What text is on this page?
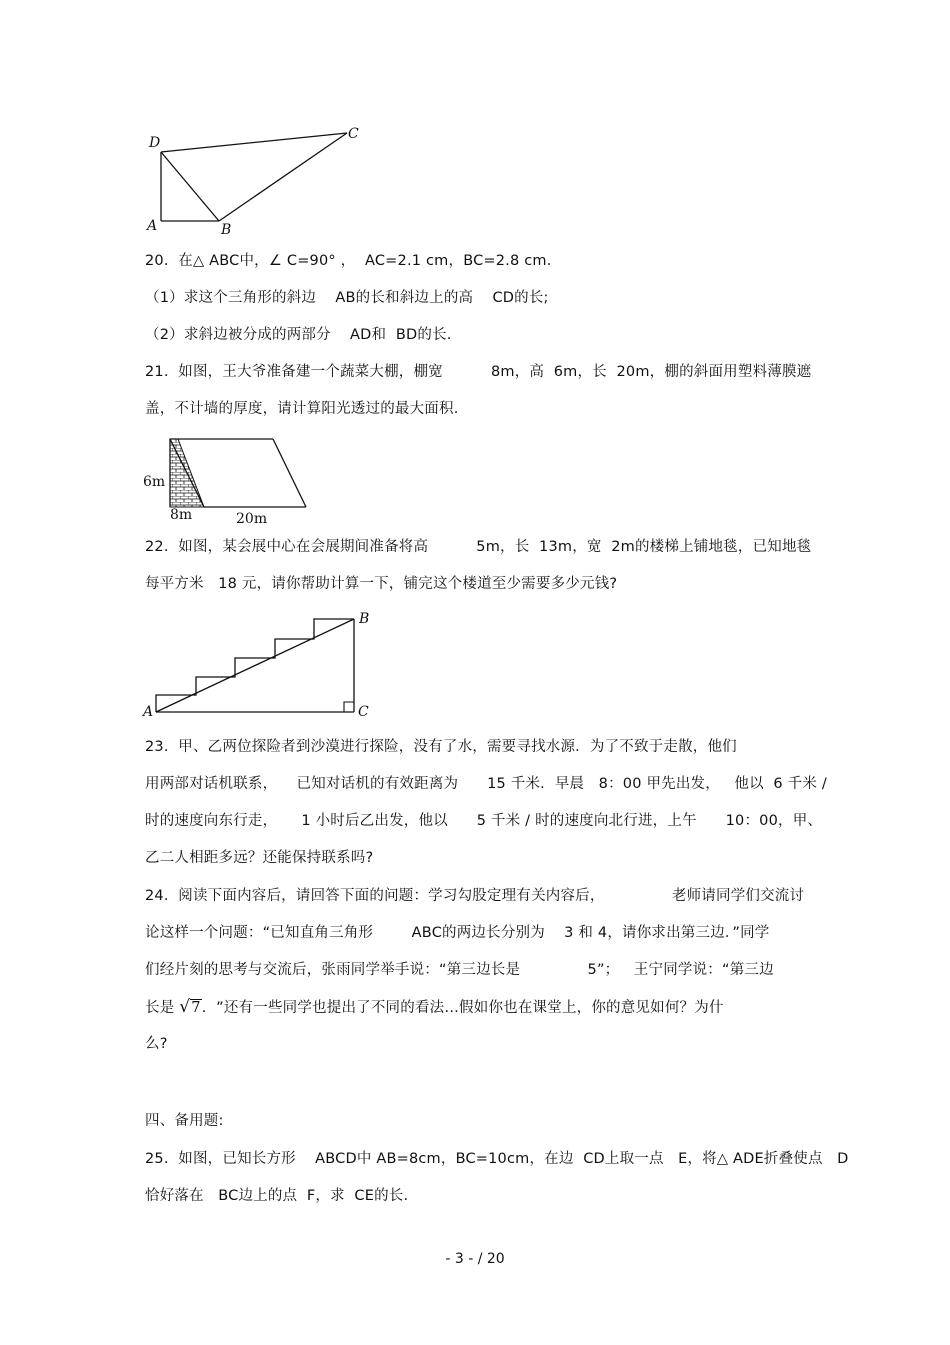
D
C
A	B
20.  在△ ABC中，∠ C=90° ，  AC=2.1 cm，BC=2.8 cm．
（1）求这个三角形的斜边    AB的长和斜边上的高    CD的长;
（2）求斜边被分成的两部分    AD和  BD的长.
21.  如图，王大爷准备建一个蔬菜大棚，棚宽          8m，高  6m，长  20m，棚的斜面用塑料薄膜遮
盖，不计墙的厚度，请计算阳光透过的最大面积.
6m
8m	20m
22.  如图，某会展中心在会展期间准备将高          5m，长  13m，宽  2m的楼梯上铺地毯，已知地毯
每平方米   18 元，请你帮助计算一下，铺完这个楼道至少需要多少元钱?
B
A	C
23.  甲、乙两位探险者到沙漠进行探险，没有了水，需要寻找水源．为了不致于走散，他们
用两部对话机联系，    已知对话机的有效距离为      15 千米．早晨   8：00 甲先出发，   他以  6 千米 /
时的速度向东行走，     1 小时后乙出发，他以      5 千米 / 时的速度向北行进，上午      10：00，甲、
乙二人相距多远？还能保持联系吗?
24.  阅读下面内容后，请回答下面的问题：学习勾股定理有关内容后，              老师请同学们交流讨
论这样一个问题：“已知直角三角形        ABC的两边长分别为    3 和 4，请你求出第三边．”同学
们经片刻的思考与交流后，张雨同学举手说：“第三边长是              5”；   王宁同学说：“第三边
长是 √7.  ”还有一些同学也提出了不同的看法…假如你也在课堂上，你的意见如何？为什
么?
四、备用题:
25.  如图，已知长方形    ABCD中 AB=8cm，BC=10cm，在边  CD上取一点   E，将△ ADE折叠使点   D
恰好落在   BC边上的点  F，求  CE的长.
- 3 - / 20
